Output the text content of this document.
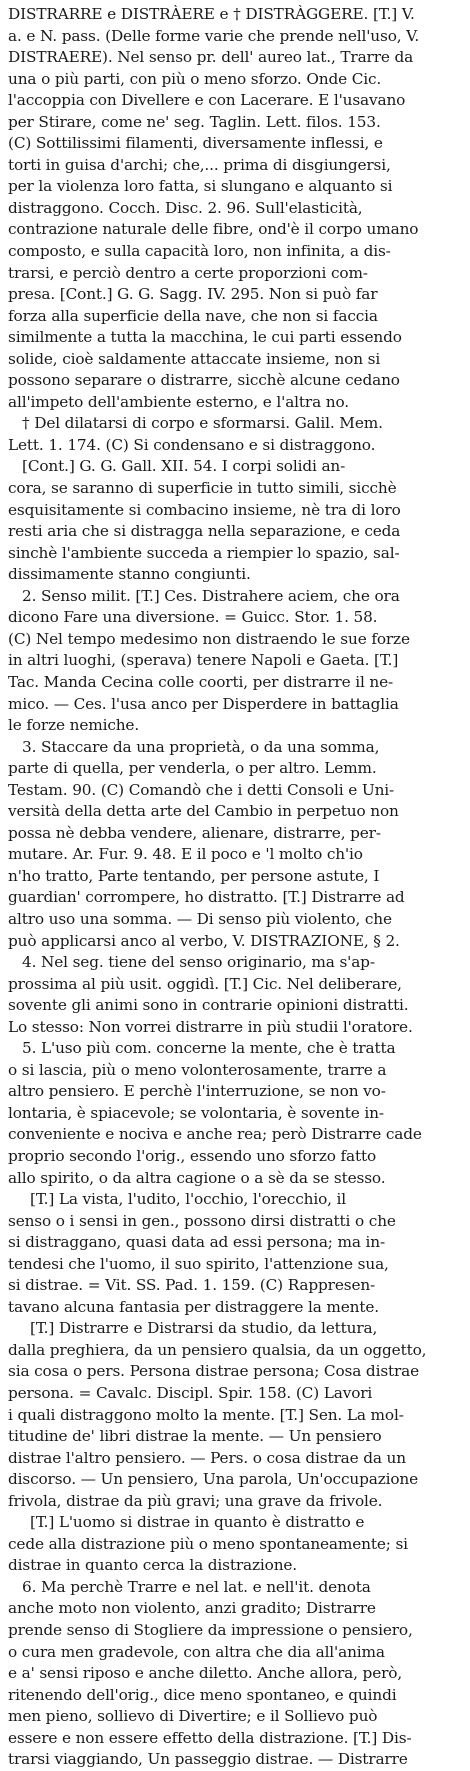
DISTRARRE e DISTRÀERE e † DISTRÀGGERE. [T.] V.
a. e N. pass. (Delle forme varie che prende nell'uso, V.
DISTRAERE). Nel senso pr. dell' aureo lat., Trarre da
una o più parti, con più o meno sforzo. Onde Cic.
l'accoppia con Divellere e con Lacerare. E l'usavano
per Stirare, come ne' seg. Taglin. Lett. filos. 153.
(C) Sottilissimi filamenti, diversamente inflessi, e
torti in guisa d'archi; che,... prima di disgiungersi,
per la violenza loro fatta, si slungano e alquanto si
distraggono. Cocch. Disc. 2. 96. Sull'elasticità,
contrazione naturale delle fibre, ond'è il corpo umano
composto, e sulla capacità loro, non infinita, a dis-
trarsi, e perciò dentro a certe proporzioni com-
presa. [Cont.] G. G. Sagg. IV. 295. Non si può far
forza alla superficie della nave, che non si faccia
similmente a tutta la macchina, le cui parti essendo
solide, cioè saldamente attaccate insieme, non si
possono separare o distrarre, sicchè alcune cedano
all'impeto dell'ambiente esterno, e l'altra no.
† Del dilatarsi di corpo e sformarsi. Galil. Mem.
Lett. 1. 174. (C) Si condensano e si distraggono.
[Cont.] G. G. Gall. XII. 54. I corpi solidi an-
cora, se saranno di superficie in tutto simili, sicchè
esquisitamente si combacino insieme, nè tra di loro
resti aria che si distragga nella separazione, e ceda
sinchè l'ambiente succeda a riempier lo spazio, sal-
dissimamente stanno congiunti.
2. Senso milit. [T.] Ces. Distrahere aciem, che ora
dicono Fare una diversione. = Guicc. Stor. 1. 58.
(C) Nel tempo medesimo non distraendo le sue forze
in altri luoghi, (sperava) tenere Napoli e Gaeta. [T.]
Tac. Manda Cecina colle coorti, per distrarre il ne-
mico. — Ces. l'usa anco per Disperdere in battaglia
le forze nemiche.
3. Staccare da una proprietà, o da una somma,
parte di quella, per venderla, o per altro. Lemm.
Testam. 90. (C) Comandò che i detti Consoli e Uni-
versità della detta arte del Cambio in perpetuo non
possa nè debba vendere, alienare, distrarre, per-
mutare. Ar. Fur. 9. 48. E il poco e 'l molto ch'io
n'ho tratto, Parte tentando, per persone astute, I
guardian' corrompere, ho distratto. [T.] Distrarre ad
altro uso una somma. — Di senso più violento, che
può applicarsi anco al verbo, V. DISTRAZIONE, § 2.
4. Nel seg. tiene del senso originario, ma s'ap-
prossima al più usit. oggidì. [T.] Cic. Nel deliberare,
sovente gli animi sono in contrarie opinioni distratti.
Lo stesso: Non vorrei distrarre in più studii l'oratore.
5. L'uso più com. concerne la mente, che è tratta
o si lascia, più o meno volonterosamente, trarre a
altro pensiero. E perchè l'interruzione, se non vo-
lontaria, è spiacevole; se volontaria, è sovente in-
conveniente e nociva e anche rea; però Distrarre cade
proprio secondo l'orig., essendo uno sforzo fatto
allo spirito, o da altra cagione o a sè da se stesso.
[T.] La vista, l'udito, l'occhio, l'orecchio, il
senso o i sensi in gen., possono dirsi distratti o che
si distraggano, quasi data ad essi persona; ma in-
tendesi che l'uomo, il suo spirito, l'attenzione sua,
si distrae. = Vit. SS. Pad. 1. 159. (C) Rappresen-
tavano alcuna fantasia per distraggere la mente.
[T.] Distrarre e Distrarsi da studio, da lettura,
dalla preghiera, da un pensiero qualsia, da un oggetto,
sia cosa o pers. Persona distrae persona; Cosa distrae
persona. = Cavalc. Discipl. Spir. 158. (C) Lavori
i quali distraggono molto la mente. [T.] Sen. La mol-
titudine de' libri distrae la mente. — Un pensiero
distrae l'altro pensiero. — Pers. o cosa distrae da un
discorso. — Un pensiero, Una parola, Un'occupazione
frivola, distrae da più gravi; una grave da frivole.
[T.] L'uomo si distrae in quanto è distratto e
cede alla distrazione più o meno spontaneamente; si
distrae in quanto cerca la distrazione.
6. Ma perchè Trarre e nel lat. e nell'it. denota
anche moto non violento, anzi gradito; Distrarre
prende senso di Stogliere da impressione o pensiero,
o cura men gradevole, con altra che dia all'anima
e a' sensi riposo e anche diletto. Anche allora, però,
ritenendo dell'orig., dice meno spontaneo, e quindi
men pieno, sollievo di Divertire; e il Sollievo può
essere e non essere effetto della distrazione. [T.] Dis-
trarsi viaggiando, Un passeggio distrae. — Distrarre
